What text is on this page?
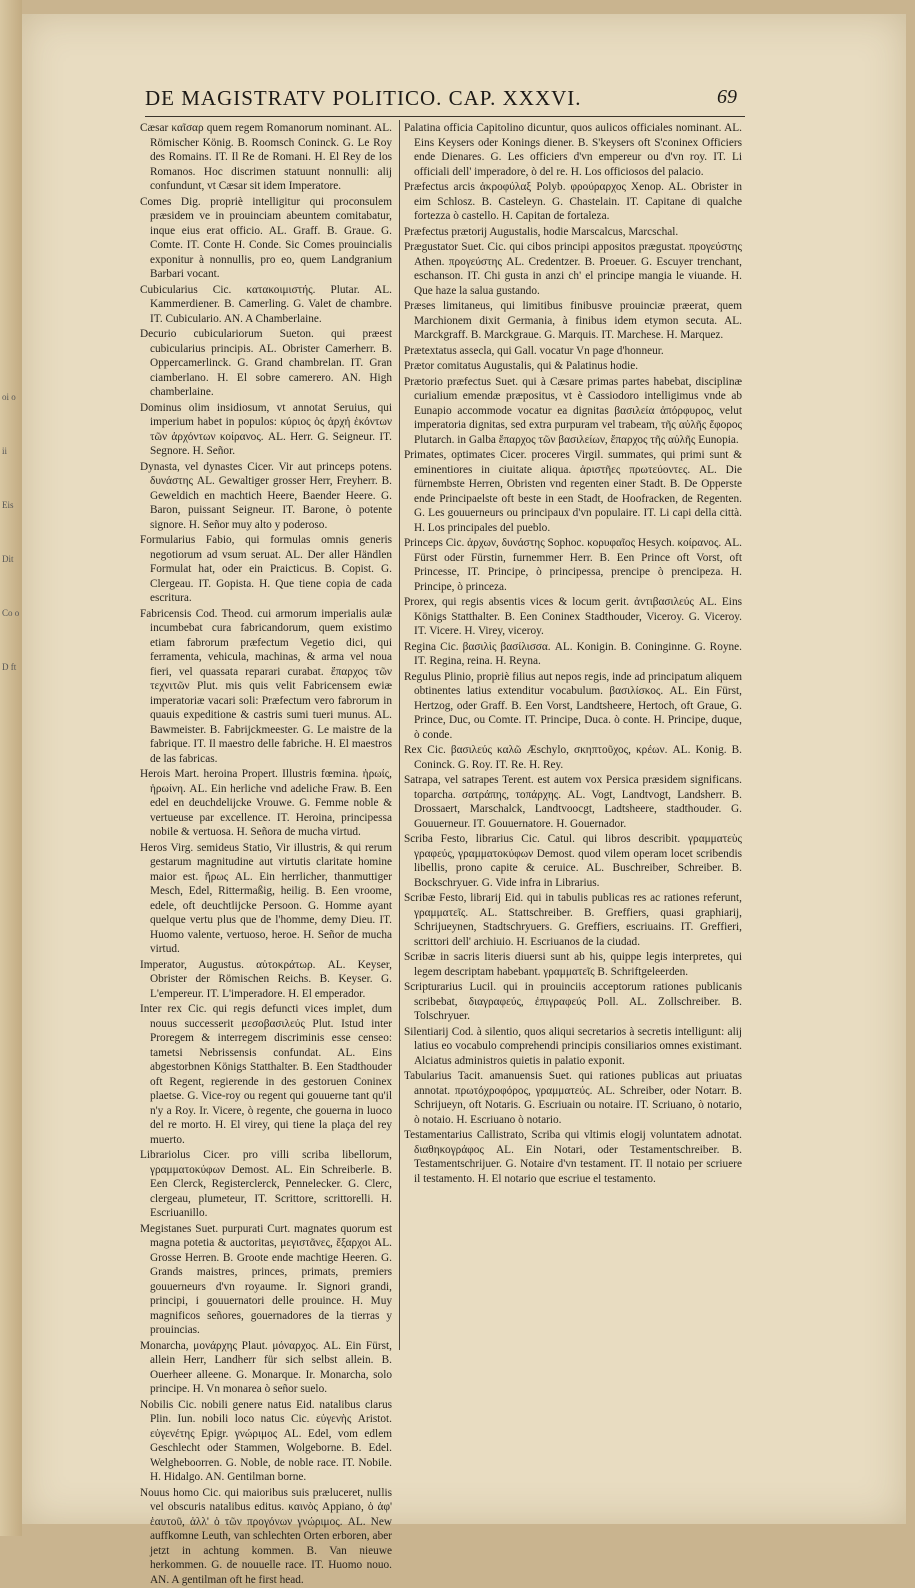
oi o ii Eis Dit Co o D ft
DE MAGISTRATV POLITICO. CAP. XXXVI.	69

Cæsar καῖσαρ quem regem Romanorum nominant. AL. Römischer König. B. Roomsch Coninck. G. Le Roy des Romains. IT. Il Re de Romani. H. El Rey de los Romanos. Hoc discrimen statuunt nonnulli: alij confundunt, vt Cæsar sit idem Imperatore.

Comes Dig. propriè intelligitur qui proconsulem præsidem ve in prouinciam abeuntem comitabatur, inque eius erat officio. AL. Graff. B. Graue. G. Comte. IT. Conte H. Conde. Sic Comes prouincialis exponitur à nonnullis, pro eo, quem Landgranium Barbari vocant.

Cubicularius Cic. κατακοιμιστής. Plutar. AL. Kammerdiener. B. Camerling. G. Valet de chambre. IT. Cubiculario. AN. A Chamberlaine.

Decurio cubiculariorum Sueton. qui præest cubicularius principis. AL. Obrister Camerherr. B. Oppercamerlinck. G. Grand chambrelan. IT. Gran ciamberlano. H. El sobre camerero. AN. High chamberlaine.

Dominus olim insidiosum, vt annotat Seruius, qui imperium habet in populos: κύριος ὁς ἀρχή ἑκόντων τῶν ἀρχόντων κοίρανος. AL. Herr. G. Seigneur. IT. Segnore. H. Señor.

Dynasta, vel dynastes Cicer. Vir aut princeps potens. δυνάστης AL. Gewaltiger grosser Herr, Freyherr. B. Geweldich en machtich Heere, Baender Heere. G. Baron, puissant Seigneur. IT. Barone, ò potente signore. H. Señor muy alto y poderoso.

Formularius Fabio, qui formulas omnis generis negotiorum ad vsum seruat. AL. Der aller Händlen Formulat hat, oder ein Praicticus. B. Copist. G. Clergeau. IT. Gopista. H. Que tiene copia de cada escritura.

Fabricensis Cod. Theod. cui armorum imperialis aulæ incumbebat cura fabricandorum, quem existimo etiam fabrorum præfectum Vegetio dici, qui ferramenta, vehicula, machinas, & arma vel noua fieri, vel quassata reparari curabat. ἔπαρχος τῶν τεχνιτῶν Plut. mis quis velit Fabricensem ewiæ imperatoriæ vacari soli: Præfectum vero fabrorum in quauis expeditione & castris sumi tueri munus. AL. Bawmeister. B. Fabrijckmeester. G. Le maistre de la fabrique. IT. Il maestro delle fabriche. H. El maestros de las fabricas.

Herois Mart. heroina Propert. Illustris fœmina. ἡρωίς, ἡρωίνη. AL. Ein herliche vnd adeliche Fraw. B. Een edel en deuchdelijcke Vrouwe. G. Femme noble & vertueuse par excellence. IT. Heroina, principessa nobile & vertuosa. H. Señora de mucha virtud.

Heros Virg. semideus Statio, Vir illustris, & qui rerum gestarum magnitudine aut virtutis claritate homine maior est. ἥρως AL. Ein herrlicher, thanmuttiger Mesch, Edel, Rittermaßig, heilig. B. Een vroome, edele, oft deuchtlijcke Persoon. G. Homme ayant quelque vertu plus que de l'homme, demy Dieu. IT. Huomo valente, vertuoso, heroe. H. Señor de mucha virtud.

Imperator, Augustus. αὐτοκράτωρ. AL. Keyser, Obrister der Römischen Reichs. B. Keyser. G. L'empereur. IT. L'imperadore. H. El emperador.

Inter rex Cic. qui regis defuncti vices implet, dum nouus successerit μεσοβασιλεύς Plut. Istud inter Proregem & interregem discriminis esse censeo: tametsi Nebrissensis confundat. AL. Eins abgestorbnen Königs Statthalter. B. Een Stadthouder oft Regent, regierende in des gestoruen Coninex plaetse. G. Vice-roy ou regent qui gouuerne tant qu'il n'y a Roy. Ir. Vicere, ò regente, che gouerna in luoco del re morto. H. El virey, qui tiene la plaça del rey muerto.

Librariolus Cicer. pro villi scriba libellorum, γραμματοκύφων Demost. AL. Ein Schreiberle. B. Een Clerck, Registerclerck, Pennelecker. G. Clerc, clergeau, plumeteur, IT. Scrittore, scrittorelli. H. Escriuanillo.

Megistanes Suet. purpurati Curt. magnates quorum est magna potetia & auctoritas, μεγιστᾶνες, ἔξαρχοι AL. Grosse Herren. B. Groote ende machtige Heeren. G. Grands maistres, princes, primats, premiers gouuerneurs d'vn royaume. Ir. Signori grandi, principi, i gouuernatori delle prouince. H. Muy magnificos señores, gouernadores de la tierras y prouincias.

Monarcha, μονάρχης Plaut. μόναρχος. AL. Ein Fürst, allein Herr, Landherr für sich selbst allein. B. Ouerheer alleene. G. Monarque. Ir. Monarcha, solo principe. H. Vn monarea ò señor suelo.

Nobilis Cic. nobili genere natus Eid. natalibus clarus Plin. Iun. nobili loco natus Cic. εὐγενὴς Aristot. εὐγενέτης Epigr. γνώριμος AL. Edel, vom edlem Geschlecht oder Stammen, Wolgeborne. B. Edel. Welgheboorren. G. Noble, de noble race. IT. Nobile. H. Hidalgo. AN. Gentilman borne.

Nouus homo Cic. qui maioribus suis præluceret, nullis vel obscuris natalibus editus. καινὸς Appiano, ὁ ἀφ' ἑαυτοῦ, ἀλλ' ὁ τῶν προγόνων γνώριμος. AL. New auffkomne Leuth, van schlechten Orten erboren, aber jetzt in achtung kommen. B. Van nieuwe herkommen. G. de nouuelle race. IT. Huomo nouo. AN. A gentilman oft he first head.

Palatina officia Capitolino dicuntur, quos aulicos officiales nominant. AL. Eins Keysers oder Konings diener. B. S'keysers oft S'coninex Officiers ende Dienares. G. Les officiers d'vn empereur ou d'vn roy. IT. Li officiali dell' imperadore, ò del re. H. Los officiosos del palacio.

Præfectus arcis ἀκροφύλαξ Polyb. φρούραρχος Xenop. AL. Obrister in eim Schlosz. B. Casteleyn. G. Chastelain. IT. Capitane di qualche fortezza ò castello. H. Capitan de fortaleza.

Præfectus prætorij Augustalis, hodie Marscalcus, Marcschal.

Prægustator Suet. Cic. qui cibos principi appositos prægustat. προγεύστης Athen. προγεύστης AL. Credentzer. B. Proeuer. G. Escuyer trenchant, eschanson. IT. Chi gusta in anzi ch' el principe mangia le viuande. H. Que haze la salua gustando.

Præses limitaneus, qui limitibus finibusve prouinciæ præerat, quem Marchionem dixit Germania, à finibus idem etymon secuta. AL. Marckgraff. B. Marckgraue. G. Marquis. IT. Marchese. H. Marquez.

Prætextatus assecla, qui Gall. vocatur Vn page d'honneur.

Prætor comitatus Augustalis, qui & Palatinus hodie.

Prætorio præfectus Suet. qui à Cæsare primas partes habebat, disciplinæ curialium emendæ præpositus, vt è Cassiodoro intelligimus vnde ab Eunapio accommode vocatur ea dignitas βασιλεία ἀπόρφυρος, velut imperatoria dignitas, sed extra purpuram vel trabeam, τῆς αὐλῆς ἔφορος Plutarch. in Galba ἔπαρχος τῶν βασιλείων, ἔπαρχος τῆς αὐλῆς Eunopia.

Primates, optimates Cicer. proceres Virgil. summates, qui primi sunt & eminentiores in ciuitate aliqua. ἀριστῆες πρωτεύοντες. AL. Die fürnembste Herren, Obristen vnd regenten einer Stadt. B. De Opperste ende Principaelste oft beste in een Stadt, de Hoofracken, de Regenten. G. Les gouuerneurs ou principaux d'vn populaire. IT. Li capi della città. H. Los principales del pueblo.

Princeps Cic. ἀρχων, δυνάστης Sophoc. κορυφαῖος Hesych. κοίρανος. AL. Fürst oder Fürstin, furnemmer Herr. B. Een Prince oft Vorst, oft Princesse, IT. Principe, ò principessa, prencipe ò prencipeza. H. Principe, ò princeza.

Prorex, qui regis absentis vices & locum gerit. ἀντιβασιλεύς AL. Eins Königs Statthalter. B. Een Coninex Stadthouder, Viceroy. G. Viceroy. IT. Vicere. H. Virey, viceroy.

Regina Cic. βασιλὶς βασίλισσα. AL. Konigin. B. Coninginne. G. Royne. IT. Regina, reina. H. Reyna.

Regulus Plinio, propriè filius aut nepos regis, inde ad principatum aliquem obtinentes latius extenditur vocabulum. βασιλίσκος. AL. Ein Fürst, Hertzog, oder Graff. B. Een Vorst, Landtsheere, Hertoch, oft Graue, G. Prince, Duc, ou Comte. IT. Principe, Duca. ò conte. H. Principe, duque, ò conde.

Rex Cic. βασιλεύς καλῶ Æschylo, σκηπτοῦχος, κρέων. AL. Konig. B. Coninck. G. Roy. IT. Re. H. Rey.

Satrapa, vel satrapes Terent. est autem vox Persica præsidem significans. toparcha. σατράπης, τοπάρχης. AL. Vogt, Landtvogt, Landsherr. B. Drossaert, Marschalck, Landtvoocgt, Ladtsheere, stadthouder. G. Gouuerneur. IT. Gouuernatore. H. Gouernador.

Scriba Festo, librarius Cic. Catul. qui libros describit. γραμματεὺς γραφεύς, γραμματοκύφων Demost. quod vilem operam locet scribendis libellis, prono capite & ceruice. AL. Buschreiber, Schreiber. B. Bockschryuer. G. Vide infra in Librarius.

Scribæ Festo, librarij Eid. qui in tabulis publicas res ac rationes referunt, γραμματεῖς. AL. Stattschreiber. B. Greffiers, quasi graphiarij, Schrijueynen, Stadtschryuers. G. Greffiers, escriuains. IT. Greffieri, scrittori dell' archiuio. H. Escriuanos de la ciudad.

Scribæ in sacris literis diuersi sunt ab his, quippe legis interpretes, qui legem descriptam habebant. γραμματεῖς B. Schriftgeleerden.

Scripturarius Lucil. qui in prouinciis acceptorum rationes publicanis scribebat, διαγραφεύς, ἐπιγραφεύς Poll. AL. Zollschreiber. B. Tolschryuer.

Silentiarij Cod. à silentio, quos aliqui secretarios à secretis intelligunt: alij latius eo vocabulo comprehendi principis consiliarios omnes existimant. Alciatus administros quietis in palatio exponit.

Tabularius Tacit. amanuensis Suet. qui rationes publicas aut priuatas annotat. πρωτόχροφόρος, γραμματεύς. AL. Schreiber, oder Notarr. B. Schrijueyn, oft Notaris. G. Escriuain ou notaire. IT. Scriuano, ò notario, ò notaio. H. Escriuano ò notario.

Testamentarius Callistrato, Scriba qui vltimis elogij voluntatem adnotat. διαθηκογράφος AL. Ein Notari, oder Testamentschreiber. B. Testamentschrijuer. G. Notaire d'vn testament. IT. Il notaio per scriuere il testamento. H. El notario que escriue el testamento.
